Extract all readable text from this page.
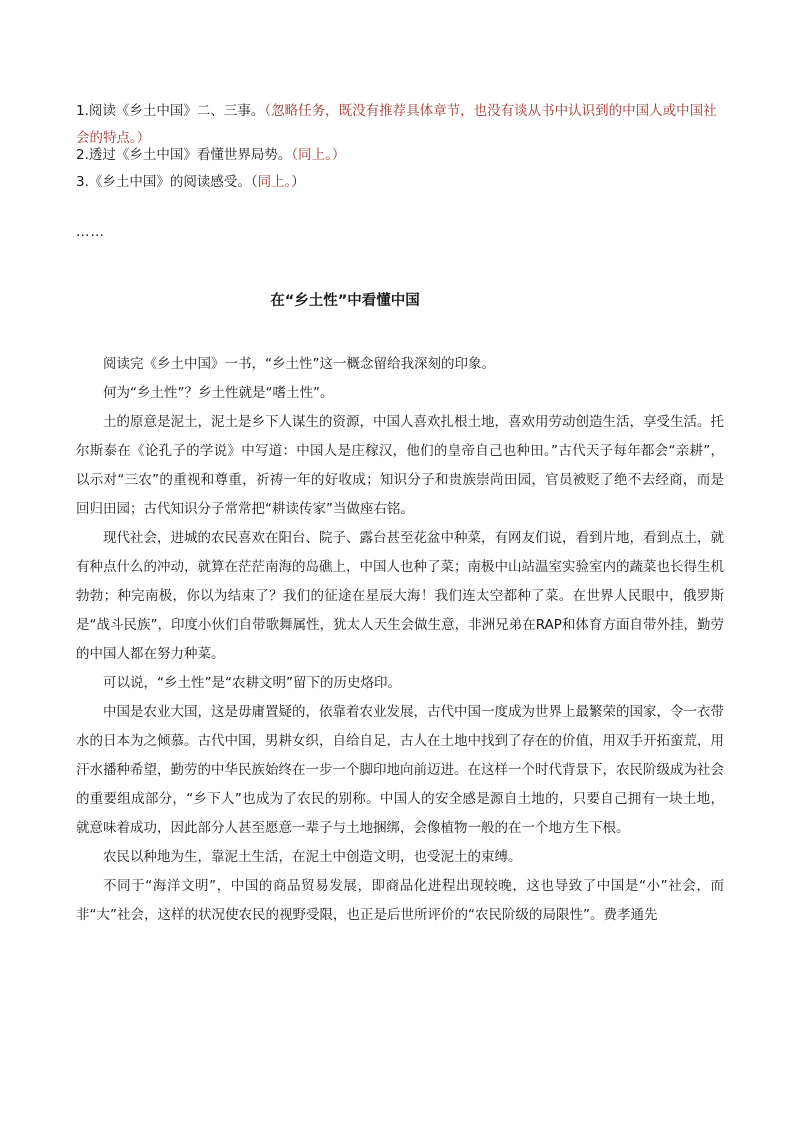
1.阅读《乡土中国》二、三事。（忽略任务，既没有推荐具体章节，也没有谈从书中认识到的中国人或中国社会的特点。）
2.透过《乡土中国》看懂世界局势。（同上。）
3.《乡土中国》的阅读感受。（同上。）
……
在“乡土性”中看懂中国

阅读完《乡土中国》一书，“乡土性”这一概念留给我深刻的印象。

何为“乡土性”？乡土性就是“嗜土性”。

土的原意是泥土，泥土是乡下人谋生的资源，中国人喜欢扎根土地，喜欢用劳动创造生活，享受生活。托尔斯泰在《论孔子的学说》中写道：中国人是庄稼汉，他们的皇帝自己也种田。”古代天子每年都会“亲耕”，以示对“三农”的重视和尊重，祈祷一年的好收成；知识分子和贵族崇尚田园，官员被贬了绝不去经商，而是回归田园；古代知识分子常常把“耕读传家”当做座右铭。

现代社会，进城的农民喜欢在阳台、院子、露台甚至花盆中种菜，有网友们说，看到片地，看到点土，就有种点什么的冲动，就算在茫茫南海的岛礁上，中国人也种了菜；南极中山站温室实验室内的蔬菜也长得生机勃勃；种完南极，你以为结束了？我们的征途在星辰大海！我们连太空都种了菜。在世界人民眼中，俄罗斯是“战斗民族”，印度小伙们自带歌舞属性，犹太人天生会做生意，非洲兄弟在RAP和体育方面自带外挂，勤劳的中国人都在努力种菜。

可以说，“乡土性”是“农耕文明”留下的历史烙印。

中国是农业大国，这是毋庸置疑的，依靠着农业发展，古代中国一度成为世界上最繁荣的国家，令一衣带水的日本为之倾慕。古代中国，男耕女织，自给自足，古人在土地中找到了存在的价值，用双手开拓蛮荒，用汗水播种希望，勤劳的中华民族始终在一步一个脚印地向前迈进。在这样一个时代背景下，农民阶级成为社会的重要组成部分，“乡下人”也成为了农民的别称。中国人的安全感是源自土地的，只要自己拥有一块土地，就意味着成功，因此部分人甚至愿意一辈子与土地捆绑，会像植物一般的在一个地方生下根。

农民以种地为生，靠泥土生活，在泥土中创造文明，也受泥土的束缚。

不同于“海洋文明”，中国的商品贸易发展，即商品化进程出现较晚，这也导致了中国是“小”社会，而非“大”社会，这样的状况使农民的视野受限，也正是后世所评价的“农民阶级的局限性”。费孝通先
